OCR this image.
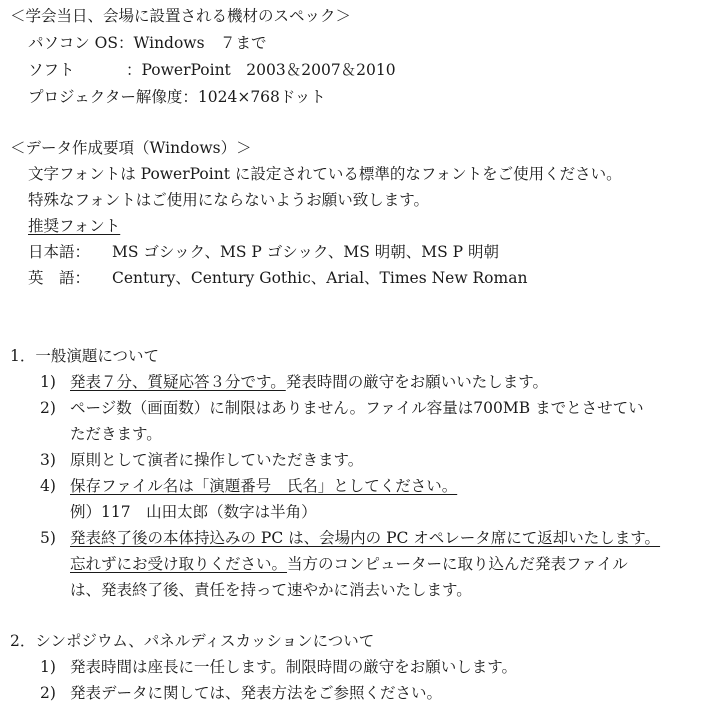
＜学会当日、会場に設置される機材のスペック＞
パソコン OS：Windows　７まで
ソフト	：PowerPoint　2003＆2007＆2010
プロジェクター解像度：1024×768ドット
＜データ作成要項（Windows）＞
文字フォントは PowerPoint に設定されている標準的なフォントをご使用ください。
特殊なフォントはご使用にならないようお願い致します。
推奨フォント
日本語： MS ゴシック、MS P ゴシック、MS 明朝、MS P 明朝
英　語： Century、Century Gothic、Arial、Times New Roman
1．一般演題について
1) 発表７分、質疑応答３分です。発表時間の厳守をお願いいたします。
2) ページ数（画面数）に制限はありません。ファイル容量は700MB までとさせてい
ただきます。
3) 原則として演者に操作していただきます。
4) 保存ファイル名は「演題番号　氏名」としてください。
例）117　山田太郎（数字は半角）
5) 発表終了後の本体持込みの PC は、会場内の PC オペレータ席にて返却いたします。
忘れずにお受け取りください。当方のコンピューターに取り込んだ発表ファイル
は、発表終了後、責任を持って速やかに消去いたします。
2．シンポジウム、パネルディスカッションについて
1) 発表時間は座長に一任します。制限時間の厳守をお願いします。
2) 発表データに関しては、発表方法をご参照ください。
